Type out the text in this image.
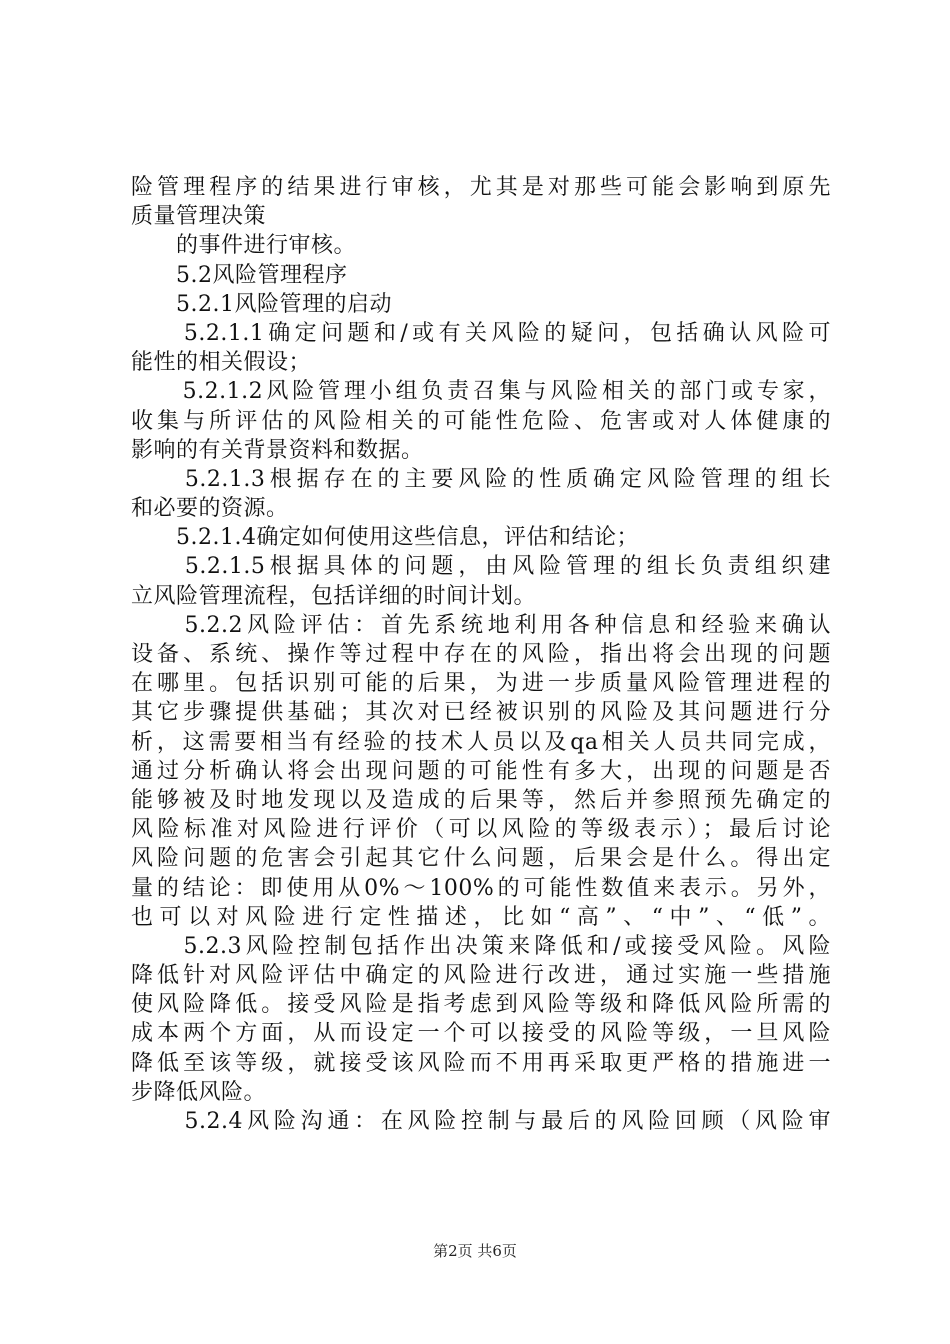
险管理程序的结果进行审核，尤其是对那些可能会影响到原先
质量管理决策
　　的事件进行审核。
　　5.2风险管理程序
　　5.2.1风险管理的启动
　　5.2.1.1确定问题和/或有关风险的疑问，包括确认风险可
能性的相关假设；
　　5.2.1.2风险管理小组负责召集与风险相关的部门或专家，
收集与所评估的风险相关的可能性危险、危害或对人体健康的
影响的有关背景资料和数据。
　　5.2.1.3根据存在的主要风险的性质确定风险管理的组长
和必要的资源。
　　5.2.1.4确定如何使用这些信息，评估和结论；
　　5.2.1.5根据具体的问题，由风险管理的组长负责组织建
立风险管理流程，包括详细的时间计划。
　　5.2.2风险评估：首先系统地利用各种信息和经验来确认
设备、系统、操作等过程中存在的风险，指出将会出现的问题
在哪里。包括识别可能的后果，为进一步质量风险管理进程的
其它步骤提供基础；其次对已经被识别的风险及其问题进行分
析，这需要相当有经验的技术人员以及qa相关人员共同完成，
通过分析确认将会出现问题的可能性有多大，出现的问题是否
能够被及时地发现以及造成的后果等，然后并参照预先确定的
风险标准对风险进行评价（可以风险的等级表示）；最后讨论
风险问题的危害会引起其它什么问题，后果会是什么。得出定
量的结论：即使用从0%～100%的可能性数值来表示。另外，
也可以对风险进行定性描述，比如“高”、“中”、“低”。
　　5.2.3风险控制包括作出决策来降低和/或接受风险。风险
降低针对风险评估中确定的风险进行改进，通过实施一些措施
使风险降低。接受风险是指考虑到风险等级和降低风险所需的
成本两个方面，从而设定一个可以接受的风险等级，一旦风险
降低至该等级，就接受该风险而不用再采取更严格的措施进一
步降低风险。
　　5.2.4风险沟通：在风险控制与最后的风险回顾（风险审
第2页 共6页
